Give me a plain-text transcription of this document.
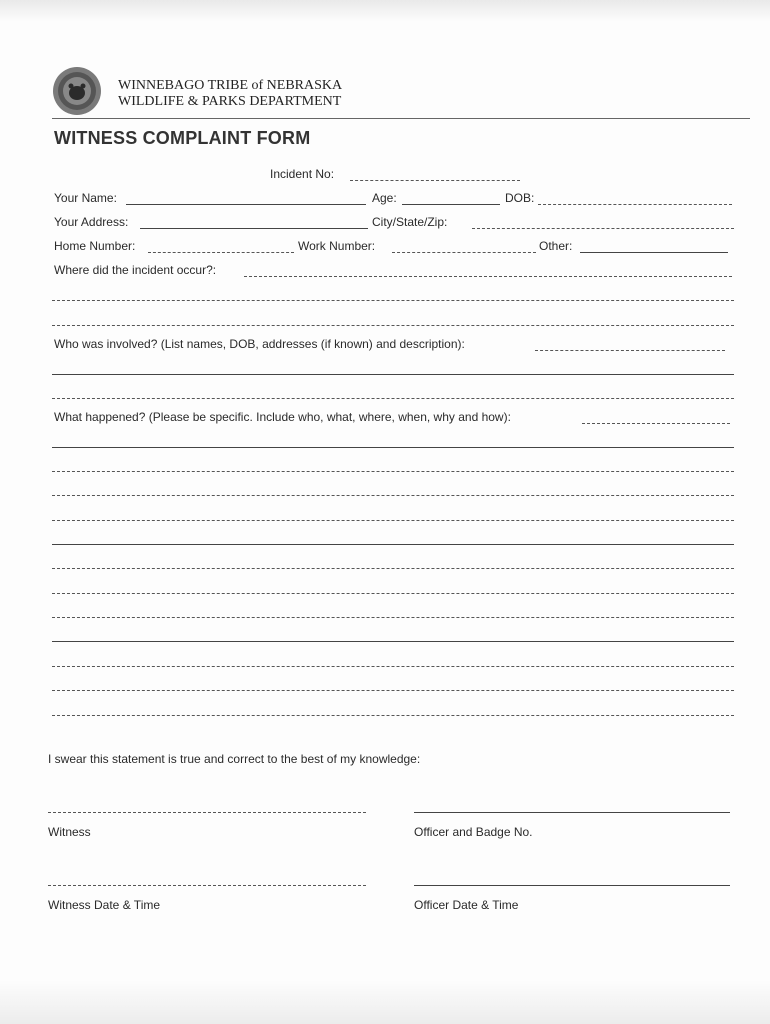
WINNEBAGO TRIBE of NEBRASKA
WILDLIFE & PARKS DEPARTMENT
WITNESS COMPLAINT FORM
Incident No:
Your Name:	Age:	DOB:
Your Address:	City/State/Zip:
Home Number:	Work Number:	Other:
Where did the incident occur?:
Who was involved? (List names, DOB, addresses (if known) and description):
What happened? (Please be specific. Include who, what, where, when, why and how):
I swear this statement is true and correct to the best of my knowledge:
Witness	Officer and Badge No.
Witness Date & Time	Officer Date & Time
